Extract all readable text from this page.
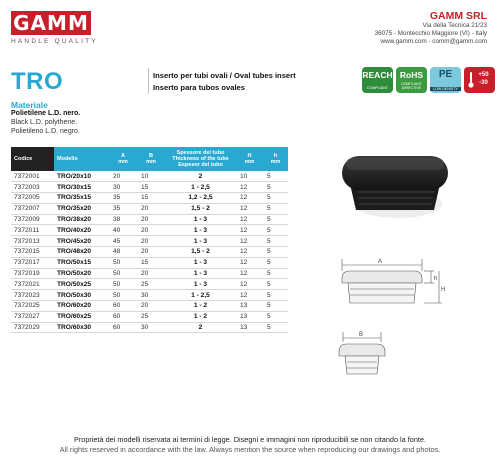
GAMM
HANDLE QUALITY
GAMM SRL
Via della Tecnica 21/23
36075 - Montecchio Maggiore (VI) - Italy
www.gamm.com - comm@gamm.com
TRO	Inserto per tubi ovali / Oval tubes insert
Inserto para tubos ovales
REACH
COMPLIANT
RoHS
COMPLIANT DIRECTIVE
PE
LOW DENSITY
+50
-30
Materiale
Polietilene L.D. nero.
Black L.D. polythene.
Polietileno L.D. negro.
Codice	Modello	A
mm	B
mm	Spessore del tubo
Thickness of the tube
Espesor del tubo	H
mm	h
mm
7372001	TRO/20x10	20	10	2	10	5
7372003	TRO/30x15	30	15	1 - 2,5	12	5
7372005	TRO/35x15	35	15	1,2 - 2,5	12	5
7372007	TRO/35x20	35	20	1,5 - 2	12	5
7372009	TRO/38x20	38	20	1 - 3	12	5
7372011	TRO/40x20	40	20	1 - 3	12	5
7372013	TRO/45x20	45	20	1 - 3	12	5
7372015	TRO/48x20	48	20	1,5 - 2	12	5
7372017	TRO/50x15	50	15	1 - 3	12	5
7372019	TRO/50x20	50	20	1 - 3	12	5
7372021	TRO/50x25	50	25	1 - 3	12	5
7372023	TRO/50x30	50	30	1 - 2,5	12	5
7372025	TRO/60x20	60	20	1 - 2	13	5
7372027	TRO/60x25	60	25	1 - 2	13	5
7372029	TRO/60x30	60	30	2	13	5
A
h
H
B
Proprietà dei modelli riservata ai termini di legge. Disegni e immagini non riproducibili se non citando la fonte.
All rights reserved in accordance with the law. Always mention the source when reproducing our drawings and photos.
